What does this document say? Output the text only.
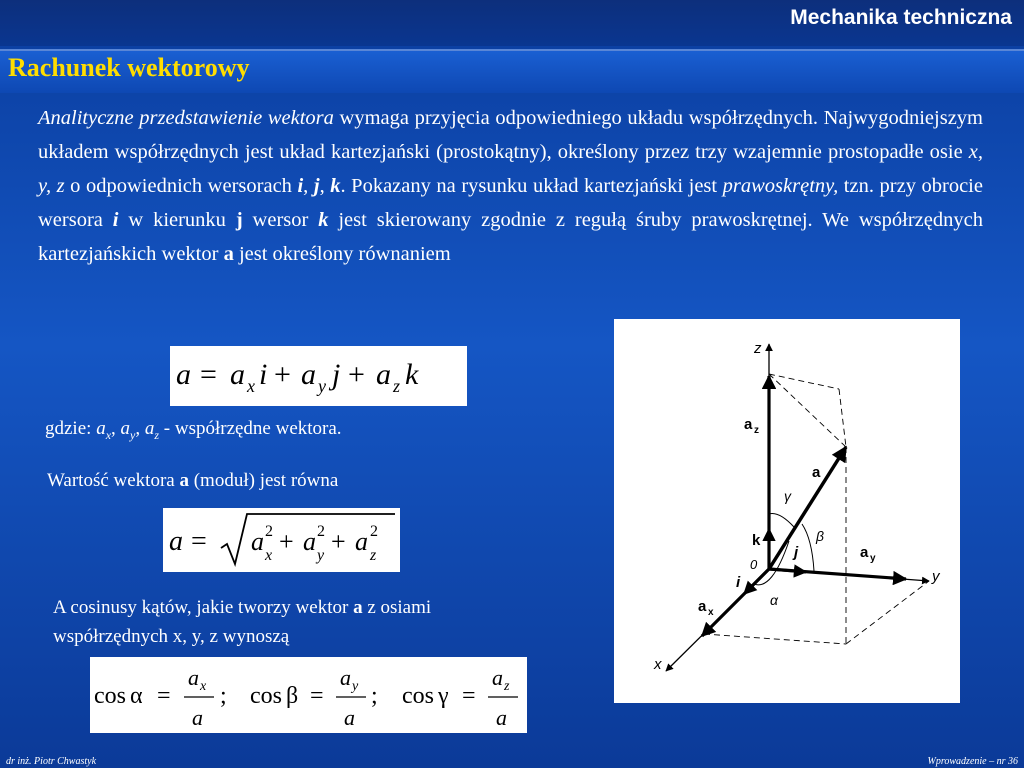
Mechanika techniczna
Rachunek wektorowy
Analityczne przedstawienie wektora wymaga przyjęcia odpowiedniego układu współrzędnych. Najwygodniejszym układem współrzędnych jest układ kartezjański (prostokątny), określony przez trzy wzajemnie prostopadłe osie x, y, z o odpowiednich wersorach i, j, k. Pokazany na rysunku układ kartezjański jest prawoskrętny, tzn. przy obrocie wersora i w kierunku j wersor k jest skierowany zgodnie z regułą śruby prawoskrętnej. We współrzędnych kartezjańskich wektor a jest określony równaniem
a = a x i + a y j + a z k
gdzie: $a_x$, $a_y$, $a_z$ - współrzędne wektora.
Wartość wektora a (moduł) jest równa
a = a 2
x + a 2
y + a 2
z
A cosinusy kątów, jakie tworzy wektor a z osiami
współrzędnych x, y, z wynoszą
cos α =
a x
a
; cos β =
a y
a
; cos γ =
a z
a
z
y
x
a z
a
a y
a x
k
j
i
0
α
β
γ
dr inż. Piotr Chwastyk	Wprowadzenie – nr 36
